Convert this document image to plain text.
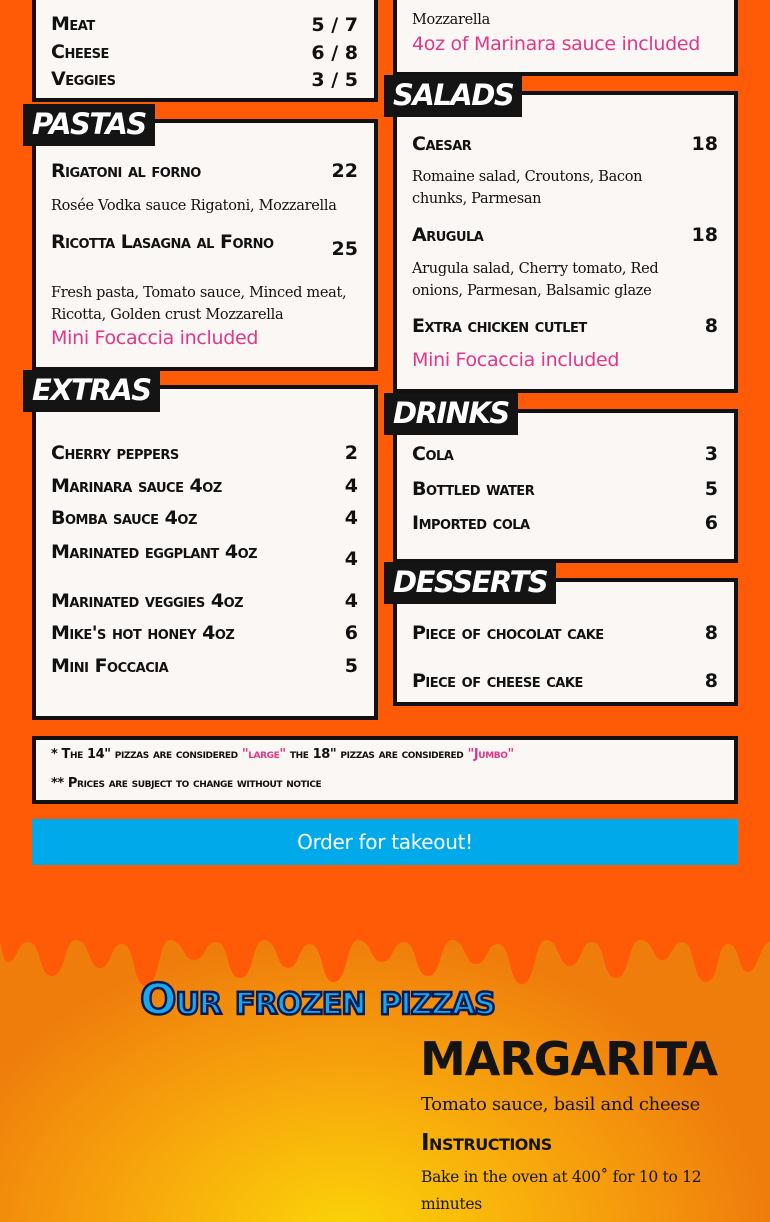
Meat	5 / 7
Cheese	6 / 8
Veggies	3 / 5
Mozzarella
4oz of Marinara sauce included
Rigatoni al forno	22
Rosée Vodka sauce Rigatoni, Mozzarella
Ricotta Lasagna al Forno	25
Fresh pasta, Tomato sauce, Minced meat, Ricotta, Golden crust Mozzarella
Mini Focaccia included
PASTAS
Caesar	18
Romaine salad, Croutons, Bacon chunks, Parmesan
Arugula	18
Arugula salad, Cherry tomato, Red onions, Parmesan, Balsamic glaze
Extra chicken cutlet	8
Mini Focaccia included
SALADS
Cherry peppers	2
Marinara sauce 4oz	4
Bomba sauce 4oz	4
Marinated eggplant 4oz	4
Marinated veggies 4oz	4
Mike's hot honey 4oz	6
Mini Foccacia	5
EXTRAS
Cola	3
Bottled water	5
Imported cola	6
DRINKS
Piece of chocolat cake	8
Piece of cheese cake	8
DESSERTS
* The 14" pizzas are considered "large" the 18" pizzas are considered "Jumbo"
** Prices are subject to change without notice
Order for takeout!
Our frozen pizzas
MARGARITA
Tomato sauce, basil and cheese
Instructions
Bake in the oven at 400˚ for 10 to 12 minutes
